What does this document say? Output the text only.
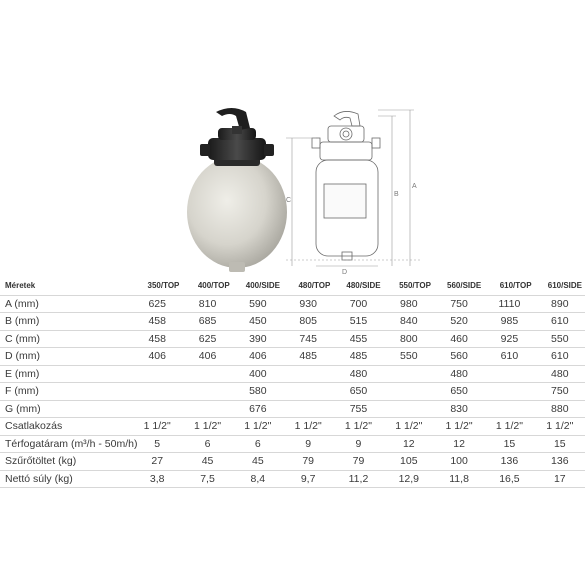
A
B
C
D
Méretek	350/TOP	400/TOP	400/SIDE	480/TOP	480/SIDE	550/TOP	560/SIDE	610/TOP	610/SIDE
A (mm)	625	810	590	930	700	980	750	1110	890
B (mm)	458	685	450	805	515	840	520	985	610
C (mm)	458	625	390	745	455	800	460	925	550
D (mm)	406	406	406	485	485	550	560	610	610
E (mm)			400		480		480		480
F (mm)			580		650		650		750
G (mm)			676		755		830		880
Csatlakozás	1 1/2"	1 1/2"	1 1/2"	1 1/2"	1 1/2"	1 1/2"	1 1/2"	1 1/2"	1 1/2"
Térfogatáram (m³/h - 50m/h)	5	6	6	9	9	12	12	15	15
Szűrőtöltet (kg)	27	45	45	79	79	105	100	136	136
Nettó súly (kg)	3,8	7,5	8,4	9,7	11,2	12,9	11,8	16,5	17
